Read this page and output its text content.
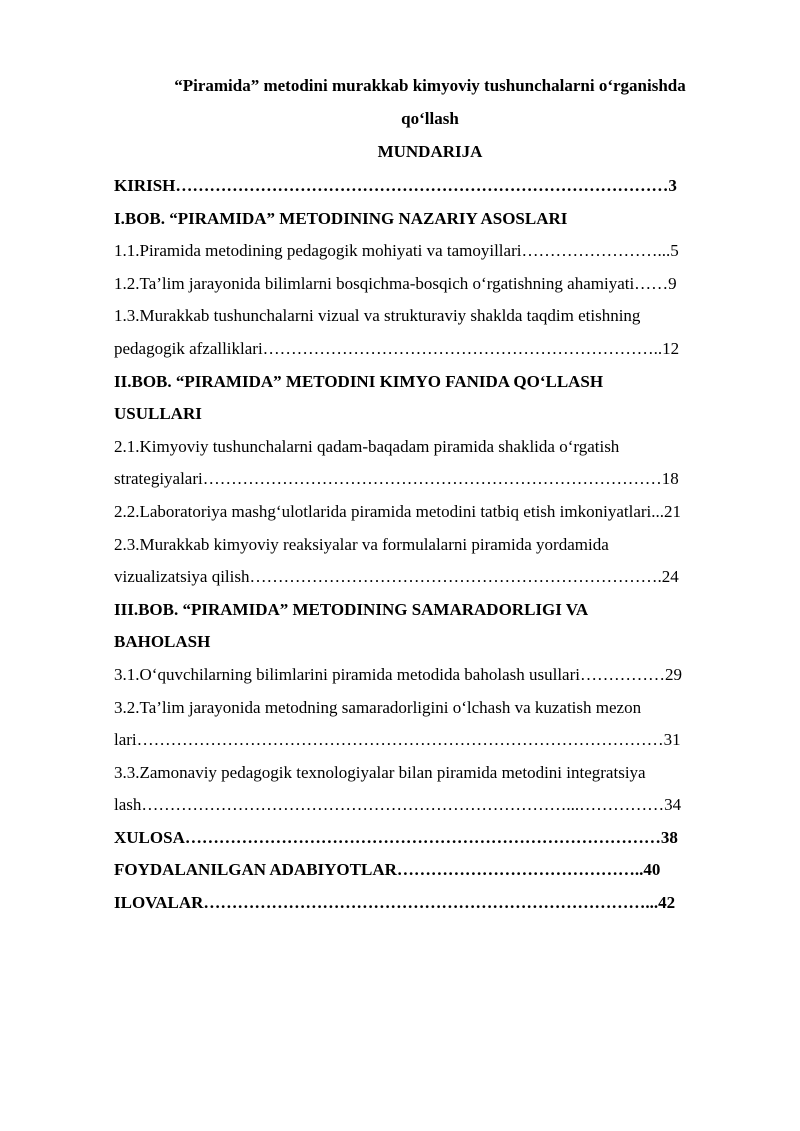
“Piramida” metodini murakkab kimyoviy tushunchalarni o‘rganishda
qo‘llash
MUNDARIJA
KIRISH……………………………………………………………………………3
I.BOB. “PIRAMIDA” METODINING NAZARIY ASOSLARI
1.1.Piramida metodining pedagogik mohiyati va tamoyillari……………………...5
1.2.Ta’lim jarayonida bilimlarni bosqichma-bosqich o‘rgatishning ahamiyati……9
1.3.Murakkab tushunchalarni vizual va strukturaviy shaklda taqdim etishning
pedagogik afzalliklari……………………………………………………………..12
II.BOB. “PIRAMIDA” METODINI KIMYO FANIDA QO‘LLASH
USULLARI
2.1.Kimyoviy tushunchalarni qadam-baqadam piramida shaklida o‘rgatish
strategiyalari………………………………………………………………………18
2.2.Laboratoriya mashg‘ulotlarida piramida metodini tatbiq etish imkoniyatlari...21
2.3.Murakkab kimyoviy reaksiyalar va formulalarni piramida yordamida
vizualizatsiya qilish……………………………………………………………….24
III.BOB. “PIRAMIDA” METODINING SAMARADORLIGI VA
BAHOLASH
3.1.O‘quvchilarning bilimlarini piramida metodida baholash usullari……………29
3.2.Ta’lim jarayonida metodning samaradorligini o‘lchash va kuzatish mezon
lari…………………………………………………………………………………31
3.3.Zamonaviy pedagogik texnologiyalar bilan piramida metodini integratsiya
lash…………………………………………………………………...……………34
XULOSA…………………………………………………………………………38
FOYDALANILGAN ADABIYOTLAR……………………………………..40
ILOVALAR……………………………………………………………………...42
